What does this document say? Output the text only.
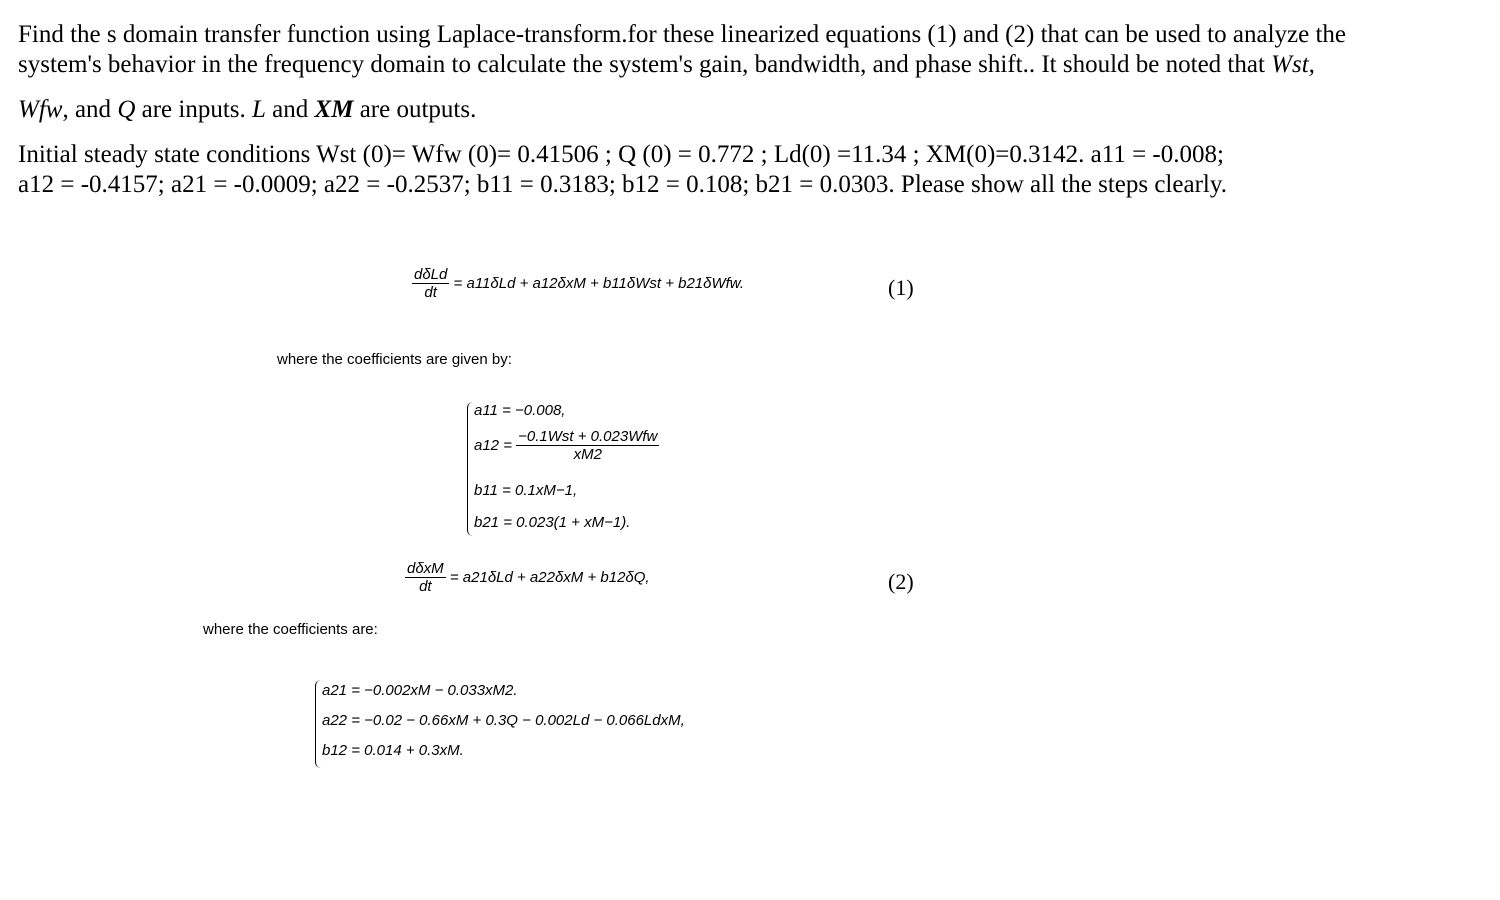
Find the s domain transfer function using Laplace-transform.for these linearized equations (1) and (2) that can be used to analyze the
system's behavior in the frequency domain to calculate the system's gain, bandwidth, and phase shift.. It should be noted that Wst,
Wfw, and Q are inputs. L and XM are outputs.
Initial steady state conditions Wst (0)= Wfw (0)= 0.41506 ; Q (0) = 0.772 ; Ld(0) =11.34 ; XM(0)=0.3142. a11 = -0.008;
a12 = -0.4157; a21 = -0.0009; a22 = -0.2537; b11 = 0.3183; b12 = 0.108; b21 = 0.0303. Please show all the steps clearly.
$\frac{\text{dδLd}}{dt} = a11\delta Ld + a12\delta xM + b11\delta Wst + b21\delta Wfw$.	(1)
where the coefficients are given by:
a11 = −0.008,
$a12 = \frac{\text{−0.1Wst + 0.023Wfw}}{xM2}$
b11 = 0.1xM−1,
b21 = 0.023(1 + xM−1).
$\frac{\text{dδxM}}{dt} = a21\delta Ld + a22\delta xM + b12\delta Q$,	(2)
where the coefficients are:
a21 = −0.002xM − 0.033xM2.
a22 = −0.02 − 0.66xM + 0.3Q − 0.002Ld − 0.066LdxM,
b12 = 0.014 + 0.3xM.
